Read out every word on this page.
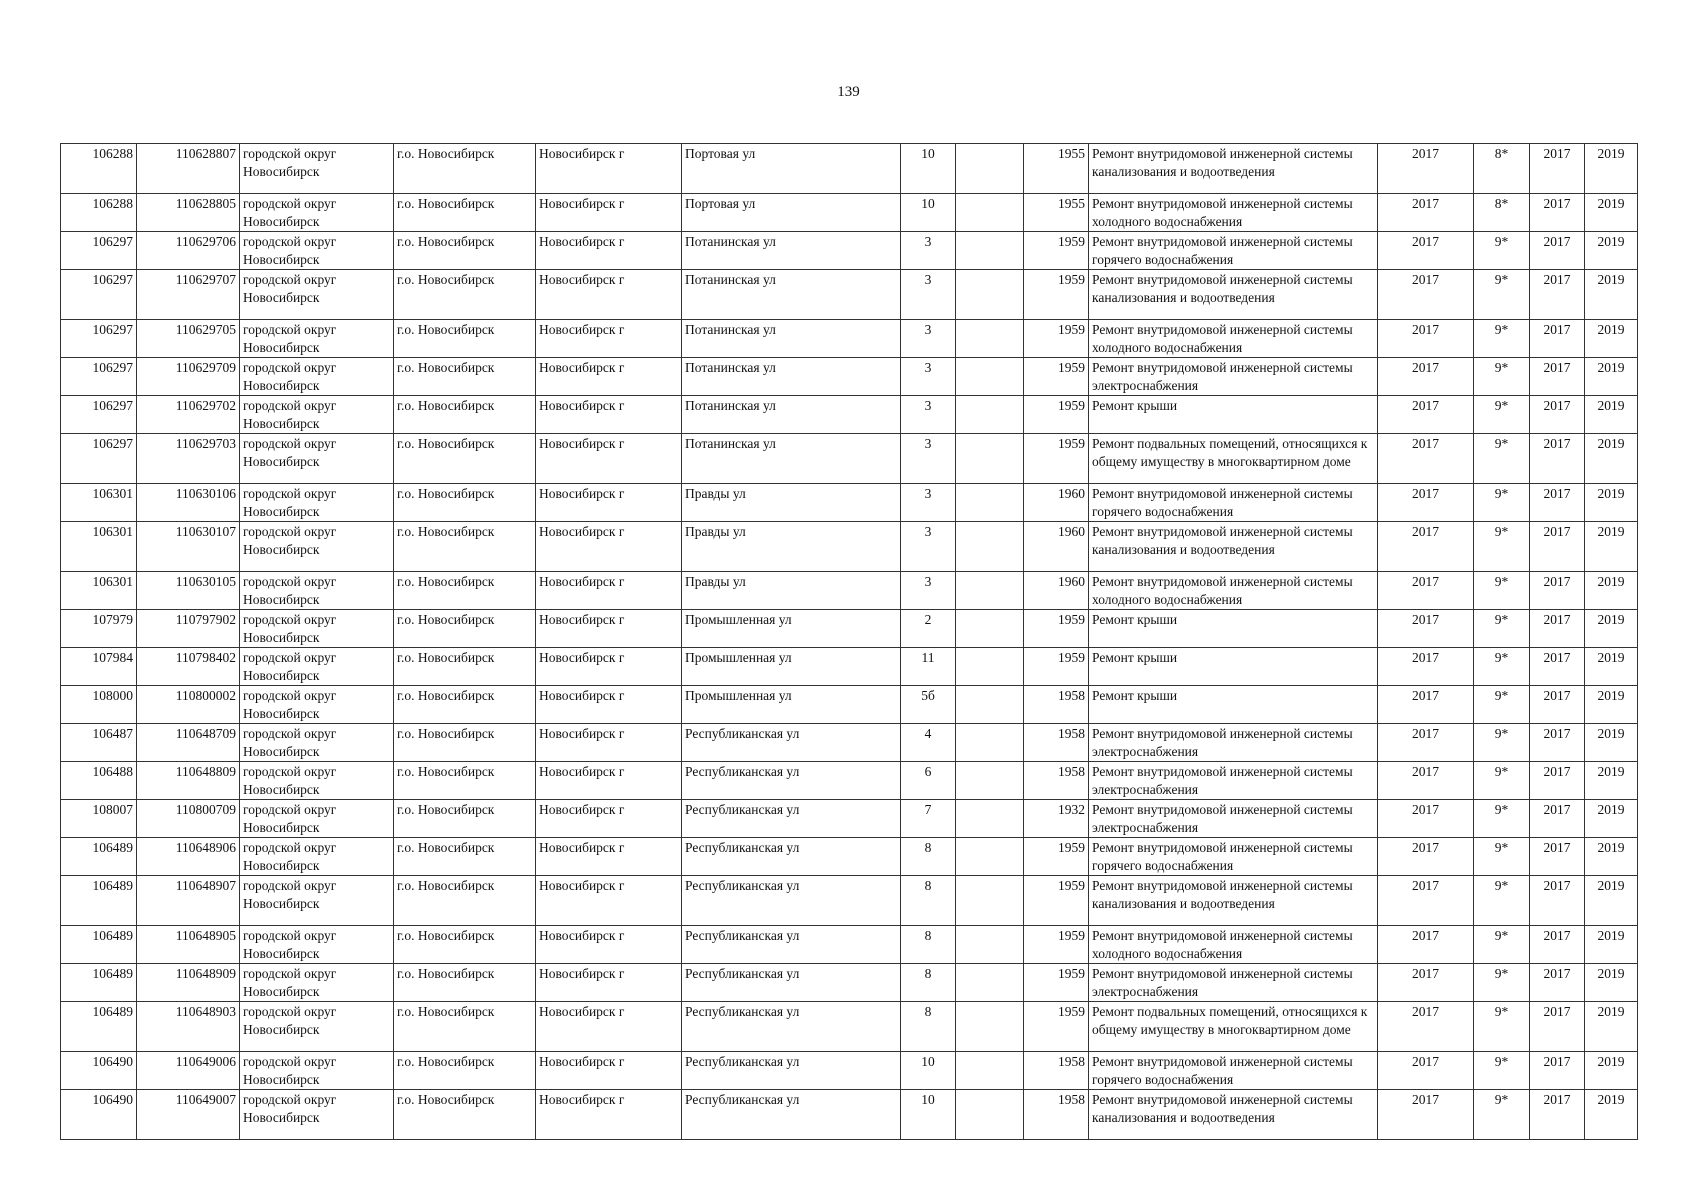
139
106288	110628807	городской округ Новосибирск	г.о. Новосибирск	Новосибирск г	Портовая ул	10		1955	Ремонт внутридомовой инженерной системы канализования и водоотведения	2017	8*	2017	2019
106288	110628805	городской округ Новосибирск	г.о. Новосибирск	Новосибирск г	Портовая ул	10		1955	Ремонт внутридомовой инженерной системы холодного водоснабжения	2017	8*	2017	2019
106297	110629706	городской округ Новосибирск	г.о. Новосибирск	Новосибирск г	Потанинская ул	3		1959	Ремонт внутридомовой инженерной системы горячего водоснабжения	2017	9*	2017	2019
106297	110629707	городской округ Новосибирск	г.о. Новосибирск	Новосибирск г	Потанинская ул	3		1959	Ремонт внутридомовой инженерной системы канализования и водоотведения	2017	9*	2017	2019
106297	110629705	городской округ Новосибирск	г.о. Новосибирск	Новосибирск г	Потанинская ул	3		1959	Ремонт внутридомовой инженерной системы холодного водоснабжения	2017	9*	2017	2019
106297	110629709	городской округ Новосибирск	г.о. Новосибирск	Новосибирск г	Потанинская ул	3		1959	Ремонт внутридомовой инженерной системы электроснабжения	2017	9*	2017	2019
106297	110629702	городской округ Новосибирск	г.о. Новосибирск	Новосибирск г	Потанинская ул	3		1959	Ремонт крыши	2017	9*	2017	2019
106297	110629703	городской округ Новосибирск	г.о. Новосибирск	Новосибирск г	Потанинская ул	3		1959	Ремонт подвальных помещений, относящихся к общему имуществу в многоквартирном доме	2017	9*	2017	2019
106301	110630106	городской округ Новосибирск	г.о. Новосибирск	Новосибирск г	Правды ул	3		1960	Ремонт внутридомовой инженерной системы горячего водоснабжения	2017	9*	2017	2019
106301	110630107	городской округ Новосибирск	г.о. Новосибирск	Новосибирск г	Правды ул	3		1960	Ремонт внутридомовой инженерной системы канализования и водоотведения	2017	9*	2017	2019
106301	110630105	городской округ Новосибирск	г.о. Новосибирск	Новосибирск г	Правды ул	3		1960	Ремонт внутридомовой инженерной системы холодного водоснабжения	2017	9*	2017	2019
107979	110797902	городской округ Новосибирск	г.о. Новосибирск	Новосибирск г	Промышленная ул	2		1959	Ремонт крыши	2017	9*	2017	2019
107984	110798402	городской округ Новосибирск	г.о. Новосибирск	Новосибирск г	Промышленная ул	11		1959	Ремонт крыши	2017	9*	2017	2019
108000	110800002	городской округ Новосибирск	г.о. Новосибирск	Новосибирск г	Промышленная ул	5б		1958	Ремонт крыши	2017	9*	2017	2019
106487	110648709	городской округ Новосибирск	г.о. Новосибирск	Новосибирск г	Республиканская ул	4		1958	Ремонт внутридомовой инженерной системы электроснабжения	2017	9*	2017	2019
106488	110648809	городской округ Новосибирск	г.о. Новосибирск	Новосибирск г	Республиканская ул	6		1958	Ремонт внутридомовой инженерной системы электроснабжения	2017	9*	2017	2019
108007	110800709	городской округ Новосибирск	г.о. Новосибирск	Новосибирск г	Республиканская ул	7		1932	Ремонт внутридомовой инженерной системы электроснабжения	2017	9*	2017	2019
106489	110648906	городской округ Новосибирск	г.о. Новосибирск	Новосибирск г	Республиканская ул	8		1959	Ремонт внутридомовой инженерной системы горячего водоснабжения	2017	9*	2017	2019
106489	110648907	городской округ Новосибирск	г.о. Новосибирск	Новосибирск г	Республиканская ул	8		1959	Ремонт внутридомовой инженерной системы канализования и водоотведения	2017	9*	2017	2019
106489	110648905	городской округ Новосибирск	г.о. Новосибирск	Новосибирск г	Республиканская ул	8		1959	Ремонт внутридомовой инженерной системы холодного водоснабжения	2017	9*	2017	2019
106489	110648909	городской округ Новосибирск	г.о. Новосибирск	Новосибирск г	Республиканская ул	8		1959	Ремонт внутридомовой инженерной системы электроснабжения	2017	9*	2017	2019
106489	110648903	городской округ Новосибирск	г.о. Новосибирск	Новосибирск г	Республиканская ул	8		1959	Ремонт подвальных помещений, относящихся к общему имуществу в многоквартирном доме	2017	9*	2017	2019
106490	110649006	городской округ Новосибирск	г.о. Новосибирск	Новосибирск г	Республиканская ул	10		1958	Ремонт внутридомовой инженерной системы горячего водоснабжения	2017	9*	2017	2019
106490	110649007	городской округ Новосибирск	г.о. Новосибирск	Новосибирск г	Республиканская ул	10		1958	Ремонт внутридомовой инженерной системы канализования и водоотведения	2017	9*	2017	2019
